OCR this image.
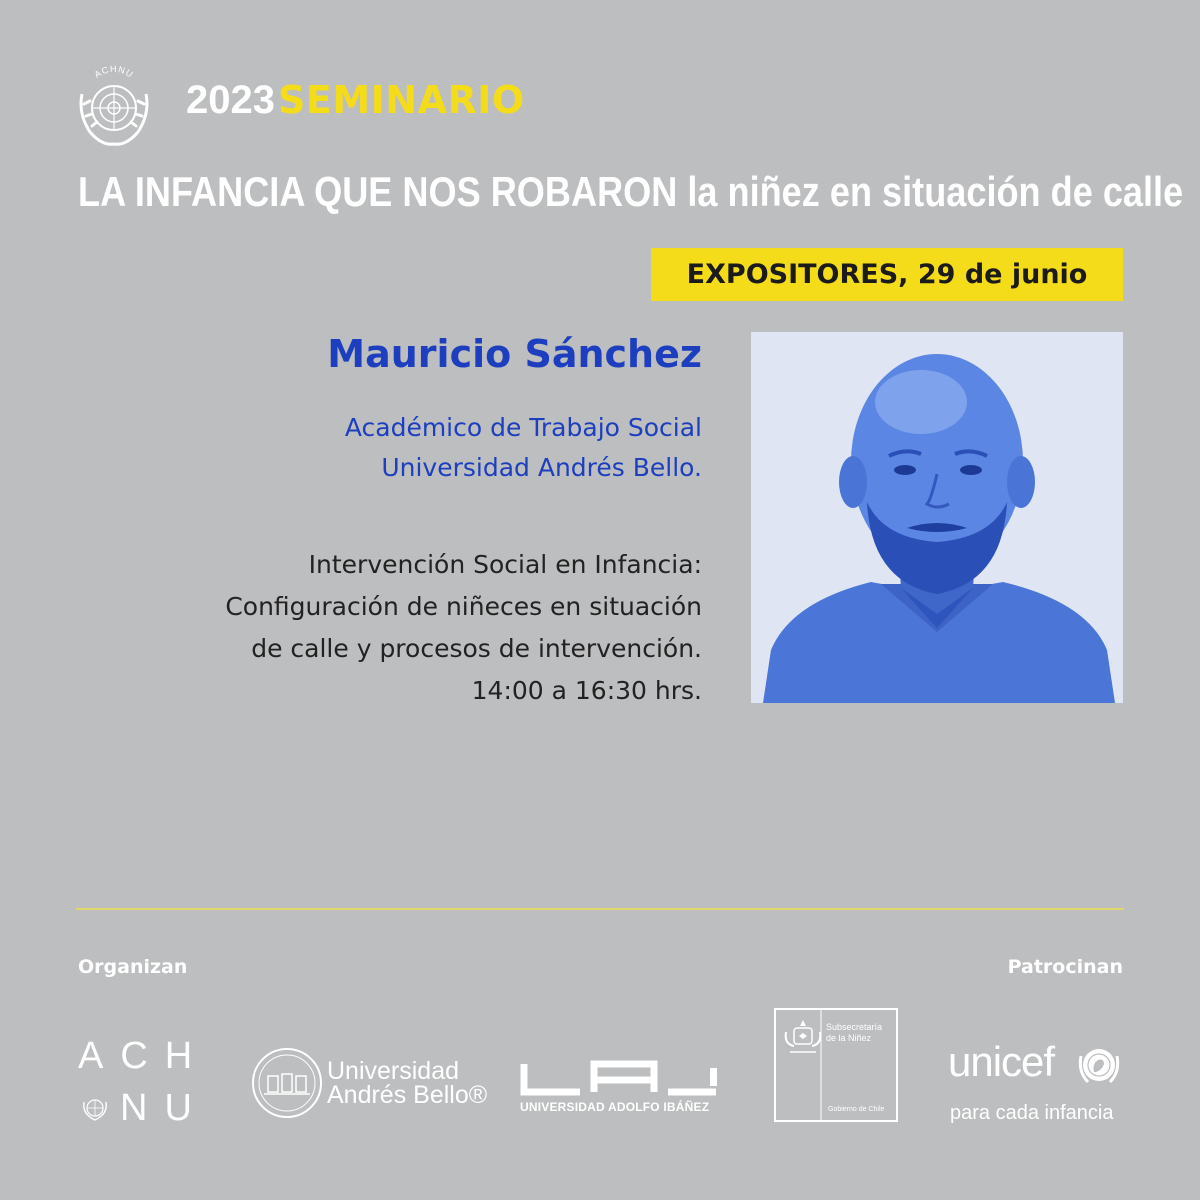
ACHNU
2023 SEMINARIO
LA INFANCIA QUE NOS ROBARON la niñez en situación de calle
EXPOSITORES, 29 de junio
Mauricio Sánchez
Académico de Trabajo Social
Universidad Andrés Bello.
Intervención Social en Infancia:
Configuración de niñeces en situación
de calle y procesos de intervención.
14:00 a 16:30 hrs.
Organizan	Patrocinan
ACH
NU
Universidad
Andrés Bello®	UNIVERSIDAD ADOLFO IBÁÑEZ
Subsecretaría
de la Niñez
Gobierno de Chile
unicef
para cada infancia
